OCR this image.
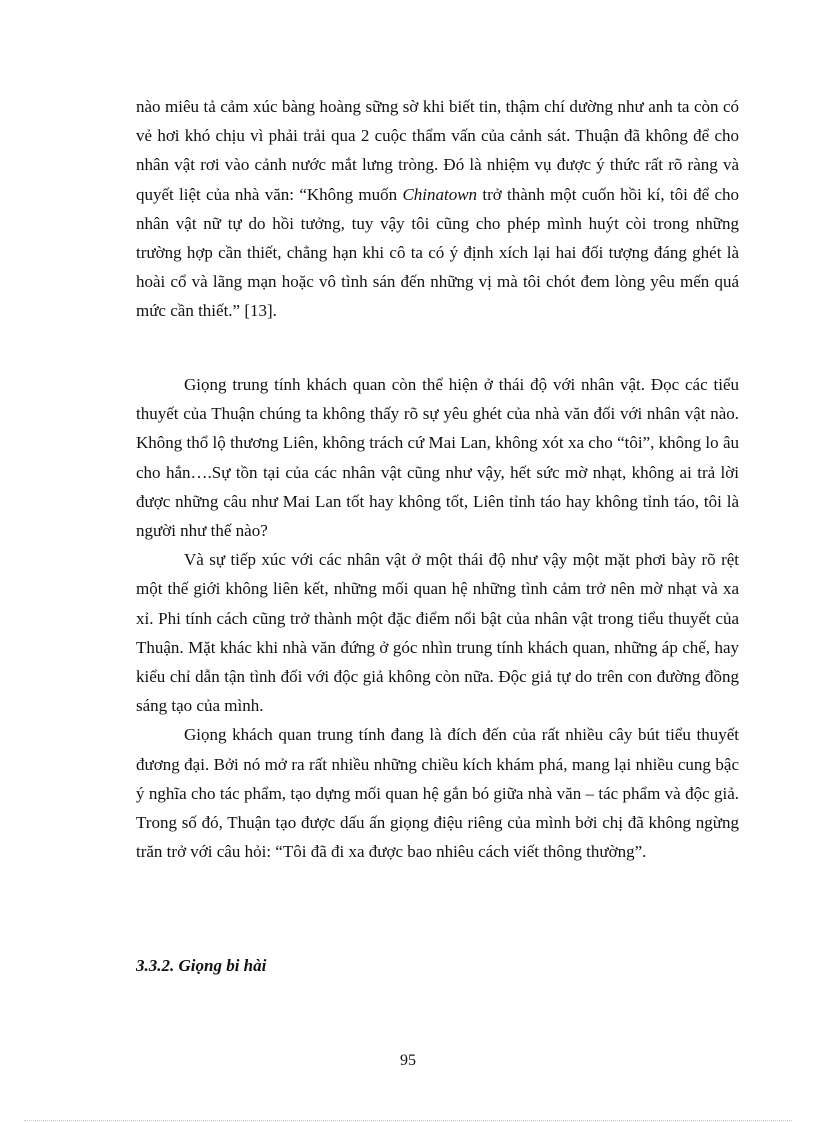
nào miêu tả cảm xúc bàng hoàng sững sờ khi biết tin, thậm chí dường như anh ta còn có vẻ hơi khó chịu vì phải trải qua 2 cuộc thẩm vấn của cảnh sát. Thuận đã không để cho nhân vật rơi vào cảnh nước mắt lưng tròng. Đó là nhiệm vụ được ý thức rất rõ ràng và quyết liệt của nhà văn: “Không muốn Chinatown trở thành một cuốn hồi kí, tôi để cho nhân vật nữ tự do hồi tưởng, tuy vậy tôi cũng cho phép mình huýt còi trong những trường hợp cần thiết, chẳng hạn khi cô ta có ý định xích lại hai đối tượng đáng ghét là hoài cổ và lãng mạn hoặc vô tình sán đến những vị mà tôi chót đem lòng yêu mến quá mức cần thiết.” [13].

Giọng trung tính khách quan còn thể hiện ở thái độ với nhân vật. Đọc các tiểu thuyết của Thuận chúng ta không thấy rõ sự yêu ghét của nhà văn đối với nhân vật nào. Không thổ lộ thương Liên, không trách cứ Mai Lan, không xót xa cho “tôi”, không lo âu cho hắn….Sự tồn tại của các nhân vật cũng như vậy, hết sức mờ nhạt, không ai trả lời được những câu như Mai Lan tốt hay không tốt, Liên tỉnh táo hay không tỉnh táo, tôi là người như thế nào?

Và sự tiếp xúc với các nhân vật ở một thái độ như vậy một mặt phơi bày rõ rệt một thế giới không liên kết, những mối quan hệ những tình cảm trở nên mờ nhạt và xa xỉ. Phi tính cách cũng trở thành một đặc điểm nổi bật của nhân vật trong tiểu thuyết của Thuận. Mặt khác khi nhà văn đứng ở góc nhìn trung tính khách quan, những áp chế, hay kiểu chỉ dẫn tận tình đối với độc giả không còn nữa. Độc giả tự do trên con đường đồng sáng tạo của mình.

Giọng khách quan trung tính đang là đích đến của rất nhiều cây bút tiểu thuyết đương đại. Bởi nó mở ra rất nhiều những chiều kích khám phá, mang lại nhiều cung bậc ý nghĩa cho tác phẩm, tạo dựng mối quan hệ gắn bó giữa nhà văn – tác phẩm và độc giả. Trong số đó, Thuận tạo được dấu ấn giọng điệu riêng của mình bởi chị đã không ngừng trăn trở với câu hỏi: “Tôi đã đi xa được bao nhiêu cách viết thông thường”.

3.3.2. Giọng bi hài
95
